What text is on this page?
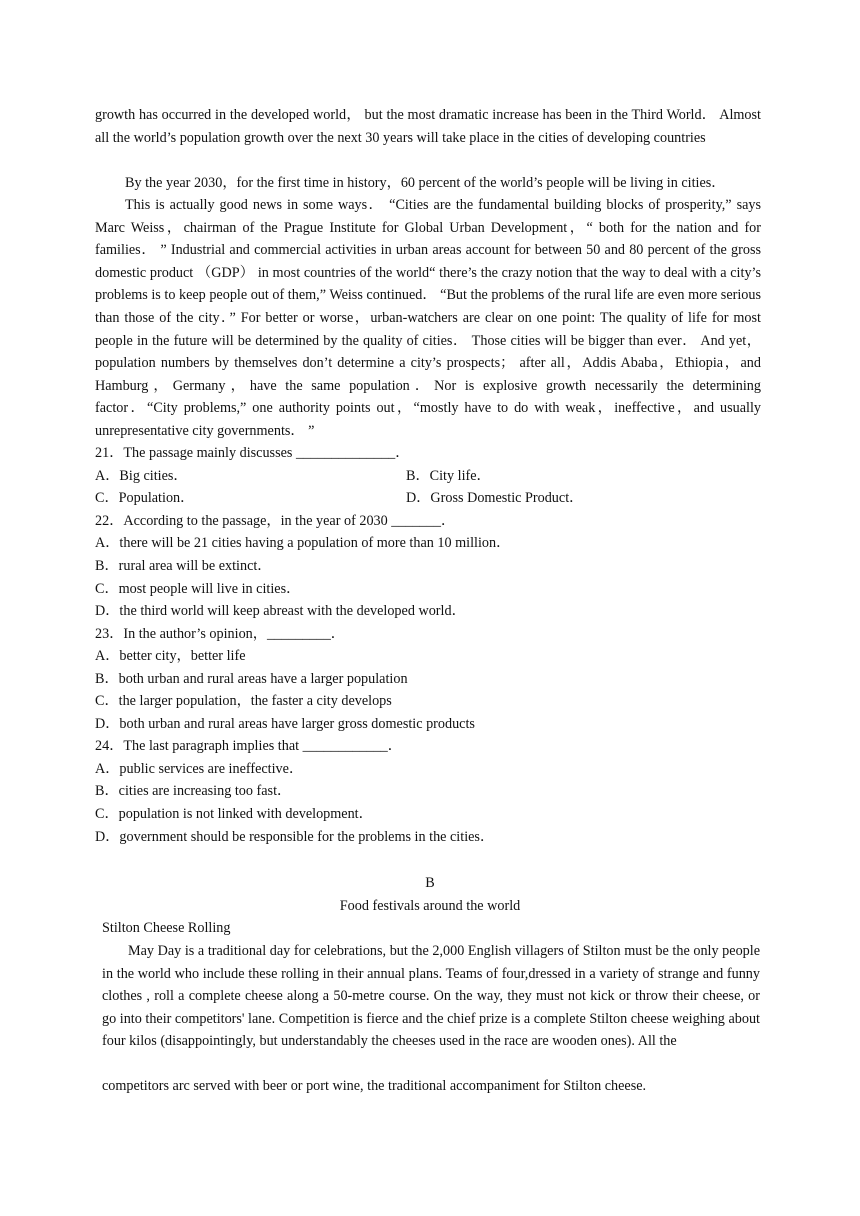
growth has occurred in the developed world， but the most dramatic increase has been in the Third World． Almost all the world’s population growth over the next 30 years will take place in the cities of developing countries
By the year 2030，for the first time in history，60 percent of the world’s people will be living in cities．
This is actually good news in some ways． “Cities are the fundamental building blocks of prosperity,” says Marc Weiss，chairman of the Prague Institute for Global Urban Development，“ both for the nation and for families． ” Industrial and commercial activities in urban areas account for between 50 and 80 percent of the gross domestic product （GDP） in most countries of the world“ there’s the crazy notion that the way to deal with a city’s problems is to keep people out of them,” Weiss continued． “But the problems of the rural life are even more serious than those of the city．” For better or worse，urban-watchers are clear on one point: The quality of life for most people in the future will be determined by the quality of cities． Those cities will be bigger than ever． And yet，population numbers by themselves don’t determine a city’s prospects； after all，Addis Ababa，Ethiopia，and Hamburg，Germany，have the same population．Nor is explosive growth necessarily the determining factor．“City problems,” one authority points out，“mostly have to do with weak，ineffective，and usually unrepresentative city governments． ”
21．The passage mainly discusses ______________．
A．Big cities．	B．City life．
C．Population．	D．Gross Domestic Product．
22．According to the passage，in the year of 2030 _______．
A．there will be 21 cities having a population of more than 10 million．
B．rural area will be extinct．
C．most people will live in cities．
D．the third world will keep abreast with the developed world．
23．In the author’s opinion，_________．
A．better city，better life
B．both urban and rural areas have a larger population
C．the larger population，the faster a city develops
D．both urban and rural areas have larger gross domestic products
24．The last paragraph implies that ____________．
A．public services are ineffective．
B．cities are increasing too fast．
C．population is not linked with development．
D．government should be responsible for the problems in the cities．
B
Food festivals around the world
Stilton Cheese Rolling
May Day is a traditional day for celebrations, but the 2,000 English villagers of Stilton must be the only people in the world who include these rolling in their annual plans. Teams of four,dressed in a variety of strange and funny clothes , roll a complete cheese along a 50-metre course. On the way, they must not kick or throw their cheese, or go into their competitors' lane. Competition is fierce and the chief prize is a complete Stilton cheese weighing about four kilos (disappointingly, but understandably the cheeses used in the race are wooden ones). All the
competitors arc served with beer or port wine, the traditional accompaniment for Stilton cheese.
